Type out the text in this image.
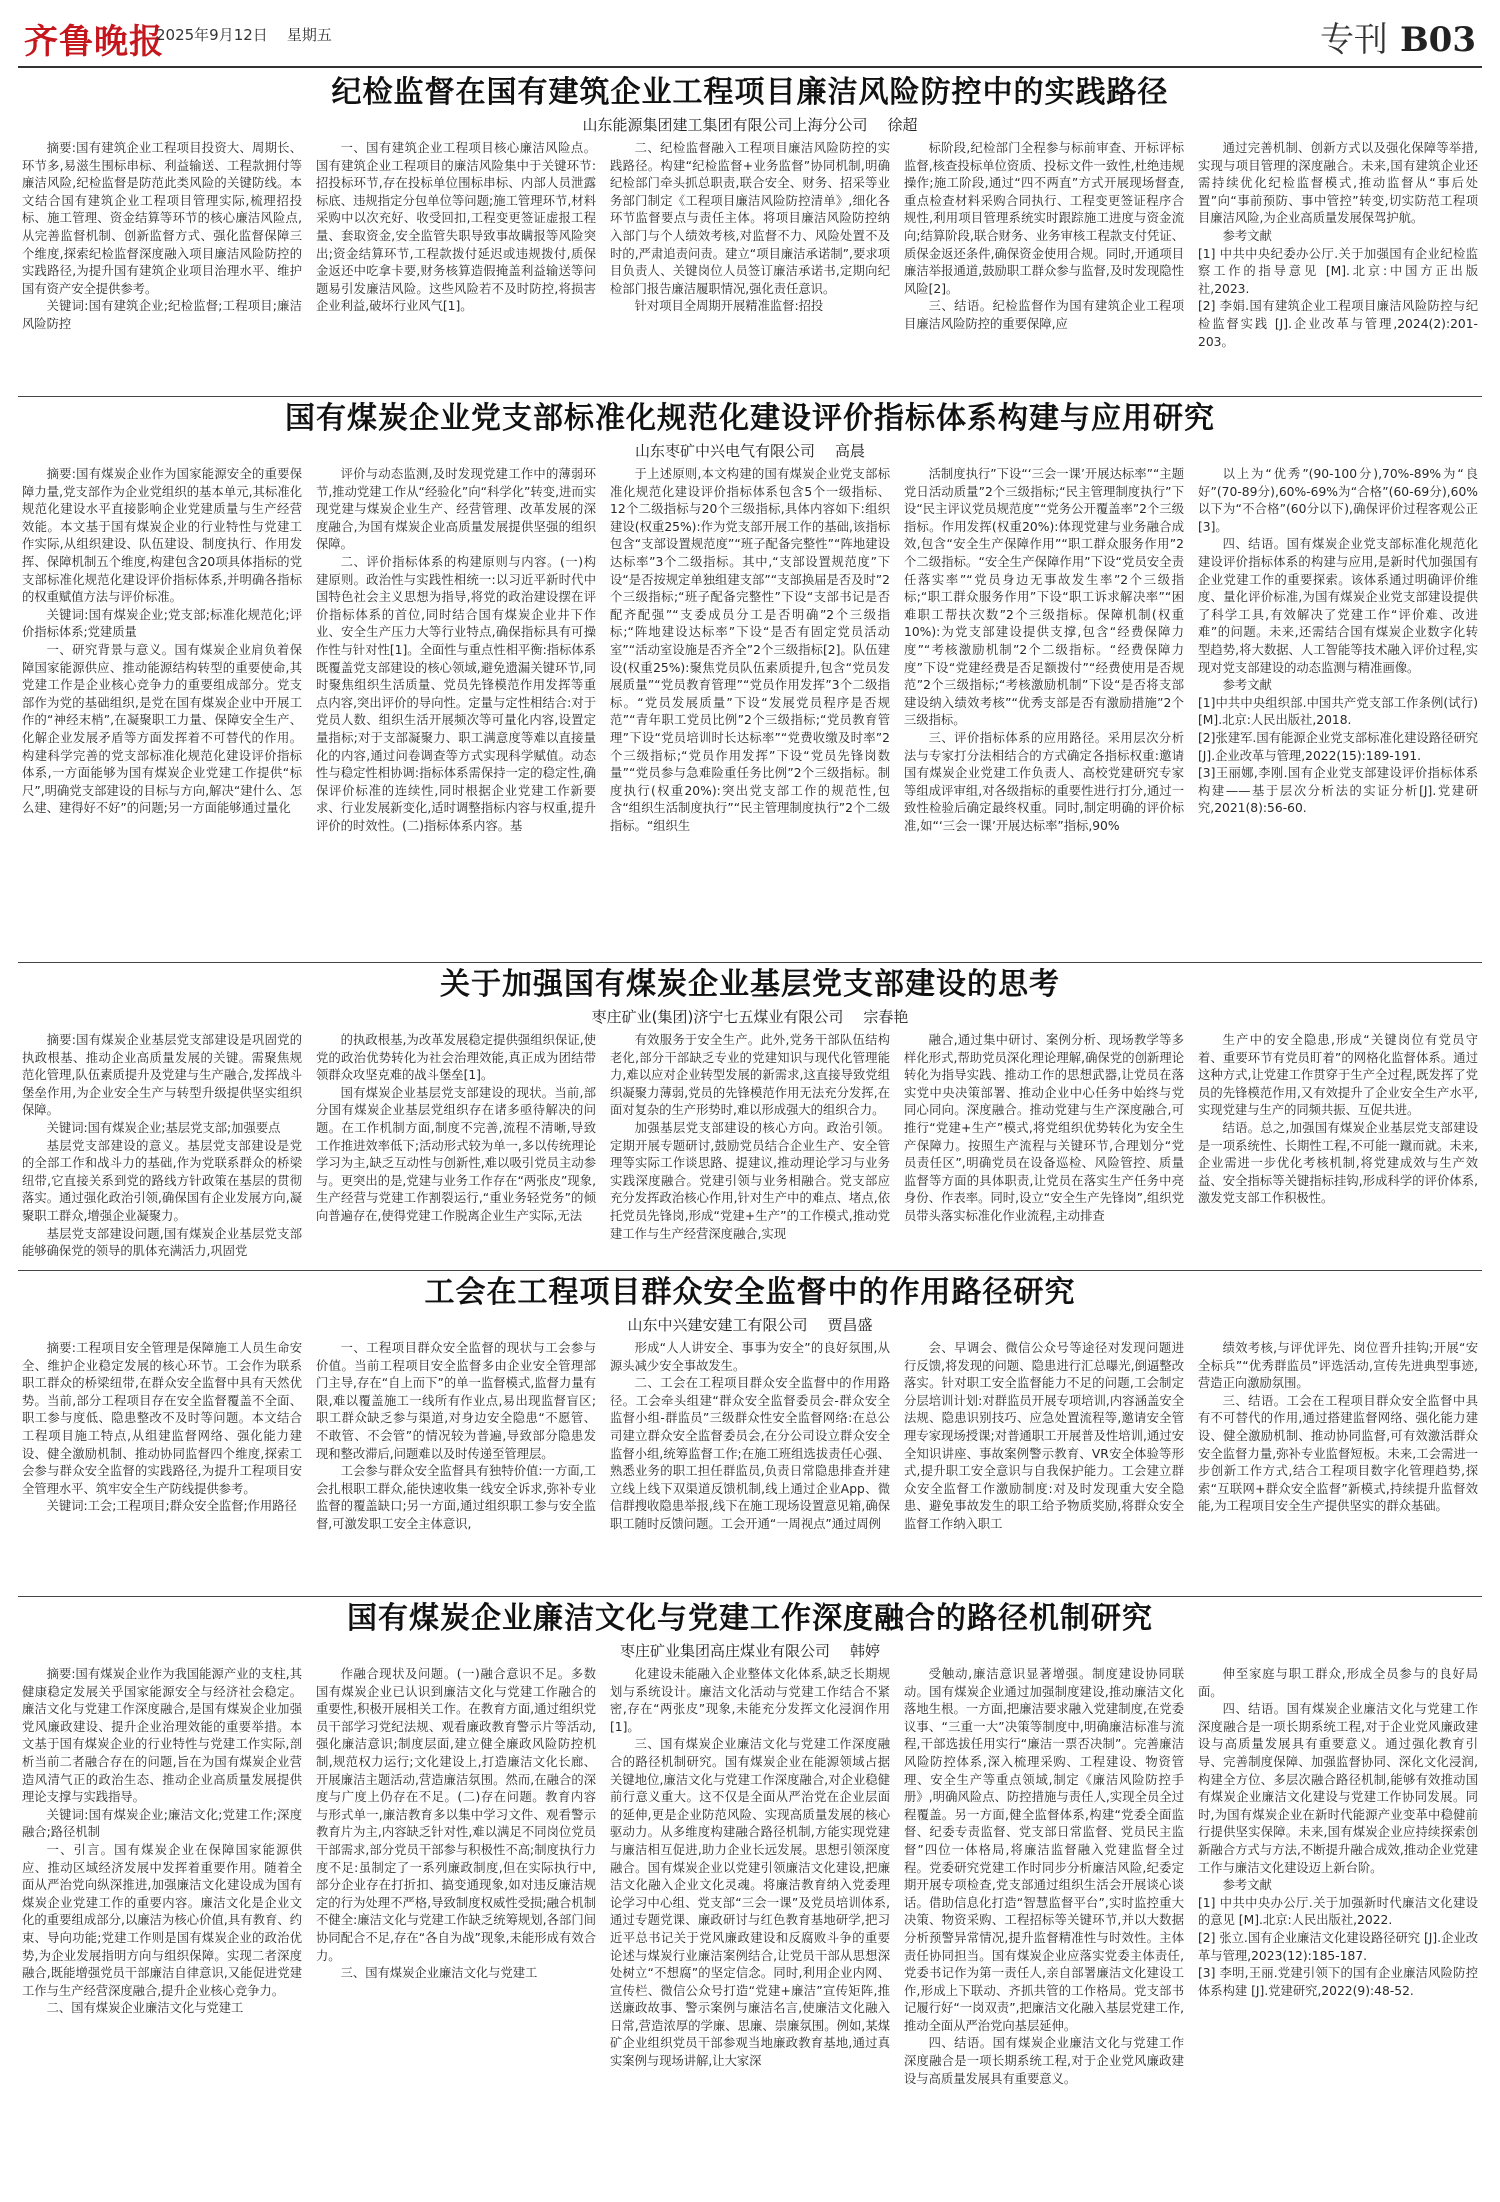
齐鲁晚报
2025年9月12日 星期五	专刊 B03
纪检监督在国有建筑企业工程项目廉洁风险防控中的实践路径
山东能源集团建工集团有限公司上海分公司 徐超

摘要:国有建筑企业工程项目投资大、周期长、环节多,易滋生围标串标、利益输送、工程款拥付等廉洁风险,纪检监督是防范此类风险的关键防线。本文结合国有建筑企业工程项目管理实际,梳理招投标、施工管理、资金结算等环节的核心廉洁风险点,从完善监督机制、创新监督方式、强化监督保障三个维度,探索纪检监督深度融入项目廉洁风险防控的实践路径,为提升国有建筑企业项目治理水平、维护国有资产安全提供参考。

关键词:国有建筑企业;纪检监督;工程项目;廉洁风险防控

一、国有建筑企业工程项目核心廉洁风险点。国有建筑企业工程项目的廉洁风险集中于关键环节:招投标环节,存在投标单位围标串标、内部人员泄露标底、违规指定分包单位等问题;施工管理环节,材料采购中以次充好、收受回扣,工程变更签证虚报工程量、套取资金,安全监管失职导致事故瞒报等风险突出;资金结算环节,工程款拨付延迟或违规拨付,质保金返还中吃拿卡要,财务核算造假掩盖利益输送等问题易引发廉洁风险。这些风险若不及时防控,将损害企业利益,破坏行业风气[1]。

二、纪检监督融入工程项目廉洁风险防控的实践路径。构建“纪检监督+业务监督”协同机制,明确纪检部门牵头抓总职责,联合安全、财务、招采等业务部门制定《工程项目廉洁风险防控清单》,细化各环节监督要点与责任主体。将项目廉洁风险防控纳入部门与个人绩效考核,对监督不力、风险处置不及时的,严肃追责问责。建立“项目廉洁承诺制”,要求项目负责人、关键岗位人员签订廉洁承诺书,定期向纪检部门报告廉洁履职情况,强化责任意识。

针对项目全周期开展精准监督:招投

标阶段,纪检部门全程参与标前审查、开标评标监督,核查投标单位资质、投标文件一致性,杜绝违规操作;施工阶段,通过“四不两直”方式开展现场督查,重点检查材料采购合同执行、工程变更签证程序合规性,利用项目管理系统实时跟踪施工进度与资金流向;结算阶段,联合财务、业务审核工程款支付凭证、质保金返还条件,确保资金使用合规。同时,开通项目廉洁举报通道,鼓励职工群众参与监督,及时发现隐性风险[2]。

三、结语。纪检监督作为国有建筑企业工程项目廉洁风险防控的重要保障,应

通过完善机制、创新方式以及强化保障等举措,实现与项目管理的深度融合。未来,国有建筑企业还需持续优化纪检监督模式,推动监督从“事后处置”向“事前预防、事中管控”转变,切实防范工程项目廉洁风险,为企业高质量发展保驾护航。

参考文献

[1] 中共中央纪委办公厅.关于加强国有企业纪检监察工作的指导意见 [M].北京:中国方正出版社,2023.

[2] 李娟.国有建筑企业工程项目廉洁风险防控与纪检监督实践 [J].企业改革与管理,2024(2):201-203。

国有煤炭企业党支部标准化规范化建设评价指标体系构建与应用研究
山东枣矿中兴电气有限公司 高晨

摘要:国有煤炭企业作为国家能源安全的重要保障力量,党支部作为企业党组织的基本单元,其标准化规范化建设水平直接影响企业党建质量与生产经营效能。本文基于国有煤炭企业的行业特性与党建工作实际,从组织建设、队伍建设、制度执行、作用发挥、保障机制五个维度,构建包含20项具体指标的党支部标准化规范化建设评价指标体系,并明确各指标的权重赋值方法与评价标准。

关键词:国有煤炭企业;党支部;标准化规范化;评价指标体系;党建质量

一、研究背景与意义。国有煤炭企业肩负着保障国家能源供应、推动能源结构转型的重要使命,其党建工作是企业核心竞争力的重要组成部分。党支部作为党的基础组织,是党在国有煤炭企业中开展工作的“神经末梢”,在凝聚职工力量、保障安全生产、化解企业发展矛盾等方面发挥着不可替代的作用。构建科学完善的党支部标准化规范化建设评价指标体系,一方面能够为国有煤炭企业党建工作提供“标尺”,明确党支部建设的目标与方向,解决“建什么、怎么建、建得好不好”的问题;另一方面能够通过量化

评价与动态监测,及时发现党建工作中的薄弱环节,推动党建工作从“经验化”向“科学化”转变,进而实现党建与煤炭企业生产、经营管理、改革发展的深度融合,为国有煤炭企业高质量发展提供坚强的组织保障。

二、评价指标体系的构建原则与内容。(一)构建原则。政治性与实践性相统一:以习近平新时代中国特色社会主义思想为指导,将党的政治建设摆在评价指标体系的首位,同时结合国有煤炭企业井下作业、安全生产压力大等行业特点,确保指标具有可操作性与针对性[1]。全面性与重点性相平衡:指标体系既覆盖党支部建设的核心领域,避免遗漏关键环节,同时聚焦组织生活质量、党员先锋模范作用发挥等重点内容,突出评价的导向性。定量与定性相结合:对于党员人数、组织生活开展频次等可量化内容,设置定量指标;对于支部凝聚力、职工满意度等难以直接量化的内容,通过问卷调查等方式实现科学赋值。动态性与稳定性相协调:指标体系需保持一定的稳定性,确保评价标准的连续性,同时根据企业党建工作新要求、行业发展新变化,适时调整指标内容与权重,提升评价的时效性。(二)指标体系内容。基

于上述原则,本文构建的国有煤炭企业党支部标准化规范化建设评价指标体系包含5个一级指标、12个二级指标与20个三级指标,具体内容如下:组织建设(权重25%):作为党支部开展工作的基础,该指标包含“支部设置规范度”“班子配备完整性”“阵地建设达标率”3个二级指标。其中,“支部设置规范度”下设“是否按规定单独组建支部”“支部换届是否及时”2个三级指标;“班子配备完整性”下设“支部书记是否配齐配强”“支委成员分工是否明确”2个三级指标;“阵地建设达标率”下设“是否有固定党员活动室”“活动室设施是否齐全”2个三级指标[2]。队伍建设(权重25%):聚焦党员队伍素质提升,包含“党员发展质量”“党员教育管理”“党员作用发挥”3个二级指标。“党员发展质量”下设“发展党员程序是否规范”“青年职工党员比例”2个三级指标;“党员教育管理”下设“党员培训时长达标率”“党费收缴及时率”2个三级指标;“党员作用发挥”下设“党员先锋岗数量”“党员参与急难险重任务比例”2个三级指标。制度执行(权重20%):突出党支部工作的规范性,包含“组织生活制度执行”“民主管理制度执行”2个二级指标。“组织生

活制度执行”下设“‘三会一课’开展达标率”“主题党日活动质量”2个三级指标;“民主管理制度执行”下设“民主评议党员规范度”“党务公开覆盖率”2个三级指标。作用发挥(权重20%):体现党建与业务融合成效,包含“安全生产保障作用”“职工群众服务作用”2个二级指标。“安全生产保障作用”下设“党员安全责任落实率”“党员身边无事故发生率”2个三级指标;“职工群众服务作用”下设“职工诉求解决率”“困难职工帮扶次数”2个三级指标。保障机制(权重10%):为党支部建设提供支撑,包含“经费保障力度”“考核激励机制”2个二级指标。“经费保障力度”下设“党建经费是否足额拨付”“经费使用是否规范”2个三级指标;“考核激励机制”下设“是否将支部建设纳入绩效考核”“优秀支部是否有激励措施”2个三级指标。

三、评价指标体系的应用路径。采用层次分析法与专家打分法相结合的方式确定各指标权重:邀请国有煤炭企业党建工作负责人、高校党建研究专家等组成评审组,对各级指标的重要性进行打分,通过一致性检验后确定最终权重。同时,制定明确的评价标准,如“‘三会一课’开展达标率”指标,90%

以上为“优秀”(90-100分),70%-89%为“良好”(70-89分),60%-69%为“合格”(60-69分),60%以下为“不合格”(60分以下),确保评价过程客观公正[3]。

四、结语。国有煤炭企业党支部标准化规范化建设评价指标体系的构建与应用,是新时代加强国有企业党建工作的重要探索。该体系通过明确评价维度、量化评价标准,为国有煤炭企业党支部建设提供了科学工具,有效解决了党建工作“评价难、改进难”的问题。未来,还需结合国有煤炭企业数字化转型趋势,将大数据、人工智能等技术融入评价过程,实现对党支部建设的动态监测与精准画像。

参考文献

[1]中共中央组织部.中国共产党支部工作条例(试行)[M].北京:人民出版社,2018.

[2]张建军.国有能源企业党支部标准化建设路径研究[J].企业改革与管理,2022(15):189-191.

[3]王丽娜,李刚.国有企业党支部建设评价指标体系构建——基于层次分析法的实证分析[J].党建研究,2021(8):56-60.

关于加强国有煤炭企业基层党支部建设的思考
枣庄矿业(集团)济宁七五煤业有限公司 宗春艳

摘要:国有煤炭企业基层党支部建设是巩固党的执政根基、推动企业高质量发展的关键。需聚焦规范化管理,队伍素质提升及党建与生产融合,发挥战斗堡垒作用,为企业安全生产与转型升级提供坚实组织保障。

关键词:国有煤炭企业;基层党支部;加强要点

基层党支部建设的意义。基层党支部建设是党的全部工作和战斗力的基础,作为党联系群众的桥梁纽带,它直接关系到党的路线方针政策在基层的贯彻落实。通过强化政治引领,确保国有企业发展方向,凝聚职工群众,增强企业凝聚力。

基层党支部建设问题,国有煤炭企业基层党支部能够确保党的领导的肌体充满活力,巩固党

的执政根基,为改革发展稳定提供强组织保证,使党的政治优势转化为社会治理效能,真正成为团结带领群众攻坚克难的战斗堡垒[1]。

国有煤炭企业基层党支部建设的现状。当前,部分国有煤炭企业基层党组织存在诸多亟待解决的问题。在工作机制方面,制度不完善,流程不清晰,导致工作推进效率低下;活动形式较为单一,多以传统理论学习为主,缺乏互动性与创新性,难以吸引党员主动参与。更突出的是,党建与业务工作存在“两张皮”现象,生产经营与党建工作割裂运行,“重业务轻党务”的倾向普遍存在,使得党建工作脱离企业生产实际,无法

有效服务于安全生产。此外,党务干部队伍结构老化,部分干部缺乏专业的党建知识与现代化管理能力,难以应对企业转型发展的新需求,这直接导致党组织凝聚力薄弱,党员的先锋模范作用无法充分发挥,在面对复杂的生产形势时,难以形成强大的组织合力。

加强基层党支部建设的核心方向。政治引领。定期开展专题研讨,鼓励党员结合企业生产、安全管理等实际工作谈思路、提建议,推动理论学习与业务实践深度融合。党建引领与业务相融合。党支部应充分发挥政治核心作用,针对生产中的难点、堵点,依托党员先锋岗,形成“党建+生产”的工作模式,推动党建工作与生产经营深度融合,实现

融合,通过集中研讨、案例分析、现场教学等多样化形式,帮助党员深化理论理解,确保党的创新理论转化为指导实践、推动工作的思想武器,让党员在落实党中央决策部署、推动企业中心任务中始终与党同心同向。深度融合。推动党建与生产深度融合,可推行“党建+生产”模式,将党组织优势转化为安全生产保障力。按照生产流程与关键环节,合理划分“党员责任区”,明确党员在设备巡检、风险管控、质量监督等方面的具体职责,让党员在落实生产任务中亮身份、作表率。同时,设立“安全生产先锋岗”,组织党员带头落实标准化作业流程,主动排查

生产中的安全隐患,形成“关键岗位有党员守着、重要环节有党员盯着”的网格化监督体系。通过这种方式,让党建工作贯穿于生产全过程,既发挥了党员的先锋模范作用,又有效提升了企业安全生产水平,实现党建与生产的同频共振、互促共进。

结语。总之,加强国有煤炭企业基层党支部建设是一项系统性、长期性工程,不可能一蹴而就。未来,企业需进一步优化考核机制,将党建成效与生产效益、安全指标等关键指标挂钩,形成科学的评价体系,激发党支部工作积极性。

工会在工程项目群众安全监督中的作用路径研究
山东中兴建安建工有限公司 贾昌盛

摘要:工程项目安全管理是保障施工人员生命安全、维护企业稳定发展的核心环节。工会作为联系职工群众的桥梁纽带,在群众安全监督中具有天然优势。当前,部分工程项目存在安全监督覆盖不全面、职工参与度低、隐患整改不及时等问题。本文结合工程项目施工特点,从组建监督网络、强化能力建设、健全激励机制、推动协同监督四个维度,探索工会参与群众安全监督的实践路径,为提升工程项目安全管理水平、筑牢安全生产防线提供参考。

关键词:工会;工程项目;群众安全监督;作用路径

一、工程项目群众安全监督的现状与工会参与价值。当前工程项目安全监督多由企业安全管理部门主导,存在“自上而下”的单一监督模式,监督力量有限,难以覆盖施工一线所有作业点,易出现监督盲区;职工群众缺乏参与渠道,对身边安全隐患“不愿管、不敢管、不会管”的情况较为普遍,导致部分隐患发现和整改滞后,问题难以及时传递至管理层。

工会参与群众安全监督具有独特价值:一方面,工会扎根职工群众,能快速收集一线安全诉求,弥补专业监督的覆盖缺口;另一方面,通过组织职工参与安全监督,可激发职工安全主体意识,

形成“人人讲安全、事事为安全”的良好氛围,从源头减少安全事故发生。

二、工会在工程项目群众安全监督中的作用路径。工会牵头组建“群众安全监督委员会-群众安全监督小组-群监员”三级群众性安全监督网络:在总公司建立群众安全监督委员会,在分公司设立群众安全监督小组,统筹监督工作;在施工班组选拔责任心强、熟悉业务的职工担任群监员,负责日常隐患排查并建立线上线下双渠道反馈机制,线上通过企业App、微信群搜收隐患举报,线下在施工现场设置意见箱,确保职工随时反馈问题。工会开通“一周视点”通过周例

会、早调会、微信公众号等途径对发现问题进行反馈,将发现的问题、隐患进行汇总曝光,倒逼整改落实。针对职工安全监督能力不足的问题,工会制定分层培训计划:对群监员开展专项培训,内容涵盖安全法规、隐患识别技巧、应急处置流程等,邀请安全管理专家现场授课;对普通职工开展普及性培训,通过安全知识讲座、事故案例警示教育、VR安全体验等形式,提升职工安全意识与自我保护能力。工会建立群众安全监督工作激励制度:对及时发现重大安全隐患、避免事故发生的职工给予物质奖励,将群众安全监督工作纳入职工

绩效考核,与评优评先、岗位晋升挂钩;开展“安全标兵”“优秀群监员”评选活动,宣传先进典型事迹,营造正向激励氛围。

三、结语。工会在工程项目群众安全监督中具有不可替代的作用,通过搭建监督网络、强化能力建设、健全激励机制、推动协同监督,可有效激活群众安全监督力量,弥补专业监督短板。未来,工会需进一步创新工作方式,结合工程项目数字化管理趋势,探索“互联网+群众安全监督”新模式,持续提升监督效能,为工程项目安全生产提供坚实的群众基础。

国有煤炭企业廉洁文化与党建工作深度融合的路径机制研究
枣庄矿业集团高庄煤业有限公司 韩婷

摘要:国有煤炭企业作为我国能源产业的支柱,其健康稳定发展关乎国家能源安全与经济社会稳定。廉洁文化与党建工作深度融合,是国有煤炭企业加强党风廉政建设、提升企业治理效能的重要举措。本文基于国有煤炭企业的行业特性与党建工作实际,剖析当前二者融合存在的问题,旨在为国有煤炭企业营造风清气正的政治生态、推动企业高质量发展提供理论支撑与实践指导。

关键词:国有煤炭企业;廉洁文化;党建工作;深度融合;路径机制

一、引言。国有煤炭企业在保障国家能源供应、推动区域经济发展中发挥着重要作用。随着全面从严治党向纵深推进,加强廉洁文化建设成为国有煤炭企业党建工作的重要内容。廉洁文化是企业文化的重要组成部分,以廉洁为核心价值,具有教育、约束、导向功能;党建工作则是国有煤炭企业的政治优势,为企业发展指明方向与组织保障。实现二者深度融合,既能增强党员干部廉洁自律意识,又能促进党建工作与生产经营深度融合,提升企业核心竞争力。

二、国有煤炭企业廉洁文化与党建工

作融合现状及问题。(一)融合意识不足。多数国有煤炭企业已认识到廉洁文化与党建工作融合的重要性,积极开展相关工作。在教育方面,通过组织党员干部学习党纪法规、观看廉政教育警示片等活动,强化廉洁意识;制度层面,建立健全廉政风险防控机制,规范权力运行;文化建设上,打造廉洁文化长廊、开展廉洁主题活动,营造廉洁氛围。然而,在融合的深度与广度上仍存在不足。(二)存在问题。教育内容与形式单一,廉洁教育多以集中学习文件、观看警示教育片为主,内容缺乏针对性,难以满足不同岗位党员干部需求,部分党员干部参与积极性不高;制度执行力度不足:虽制定了一系列廉政制度,但在实际执行中,部分企业存在打折扣、搞变通现象,如对违反廉洁规定的行为处理不严格,导致制度权威性受损;融合机制不健全:廉洁文化与党建工作缺乏统筹规划,各部门间协同配合不足,存在“各自为战”现象,未能形成有效合力。

三、国有煤炭企业廉洁文化与党建工

化建设未能融入企业整体文化体系,缺乏长期规划与系统设计。廉洁文化活动与党建工作结合不紧密,存在“两张皮”现象,未能充分发挥文化浸润作用[1]。

三、国有煤炭企业廉洁文化与党建工作深度融合的路径机制研究。国有煤炭企业在能源领域占据关键地位,廉洁文化与党建工作深度融合,对企业稳健前行意义重大。这不仅是全面从严治党在企业层面的延伸,更是企业防范风险、实现高质量发展的核心驱动力。从多维度构建融合路径机制,方能实现党建与廉洁相互促进,助力企业长远发展。思想引领深度融合。国有煤炭企业以党建引领廉洁文化建设,把廉洁文化融入企业文化灵魂。将廉洁教育纳入党委理论学习中心组、党支部“三会一课”及党员培训体系,通过专题党课、廉政研讨与红色教育基地研学,把习近平总书记关于党风廉政建设和反腐败斗争的重要论述与煤炭行业廉洁案例结合,让党员干部从思想深处树立“不想腐”的坚定信念。同时,利用企业内网、宣传栏、微信公众号打造“党建+廉洁”宣传矩阵,推送廉政故事、警示案例与廉洁名言,使廉洁文化融入日常,营造浓厚的学廉、思廉、崇廉氛围。例如,某煤矿企业组织党员干部参观当地廉政教育基地,通过真实案例与现场讲解,让大家深

受触动,廉洁意识显著增强。制度建设协同联动。国有煤炭企业通过加强制度建设,推动廉洁文化落地生根。一方面,把廉洁要求融入党建制度,在党委议事、“三重一大”决策等制度中,明确廉洁标准与流程,干部选拔任用实行“廉洁一票否决制”。完善廉洁风险防控体系,深入梳理采购、工程建设、物资管理、安全生产等重点领域,制定《廉洁风险防控手册》,明确风险点、防控措施与责任人,实现全员全过程覆盖。另一方面,健全监督体系,构建“党委全面监督、纪委专责监督、党支部日常监督、党员民主监督”四位一体格局,将廉洁监督融入党建监督全过程。党委研究党建工作时同步分析廉洁风险,纪委定期开展专项检查,党支部通过组织生活会开展谈心谈话。借助信息化打造“智慧监督平台”,实时监控重大决策、物资采购、工程招标等关键环节,并以大数据分析预警异常情况,提升监督精准性与时效性。主体责任协同担当。国有煤炭企业应落实党委主体责任,党委书记作为第一责任人,亲自部署廉洁文化建设工作,形成上下联动、齐抓共管的工作格局。党支部书记履行好“一岗双责”,把廉洁文化融入基层党建工作,推动全面从严治党向基层延伸。

四、结语。国有煤炭企业廉洁文化与党建工作深度融合是一项长期系统工程,对于企业党风廉政建设与高质量发展具有重要意义。

伸至家庭与职工群众,形成全员参与的良好局面。

四、结语。国有煤炭企业廉洁文化与党建工作深度融合是一项长期系统工程,对于企业党风廉政建设与高质量发展具有重要意义。通过强化教育引导、完善制度保障、加强监督协同、深化文化浸润,构建全方位、多层次融合路径机制,能够有效推动国有煤炭企业廉洁文化建设与党建工作协同发展。同时,为国有煤炭企业在新时代能源产业变革中稳健前行提供坚实保障。未来,国有煤炭企业应持续探索创新融合方式与方法,不断提升融合成效,推动企业党建工作与廉洁文化建设迈上新台阶。

参考文献

[1] 中共中央办公厅.关于加强新时代廉洁文化建设的意见 [M].北京:人民出版社,2022.

[2] 张立.国有企业廉洁文化建设路径研究 [J].企业改革与管理,2023(12):185-187.

[3] 李明,王丽.党建引领下的国有企业廉洁风险防控体系构建 [J].党建研究,2022(9):48-52.
